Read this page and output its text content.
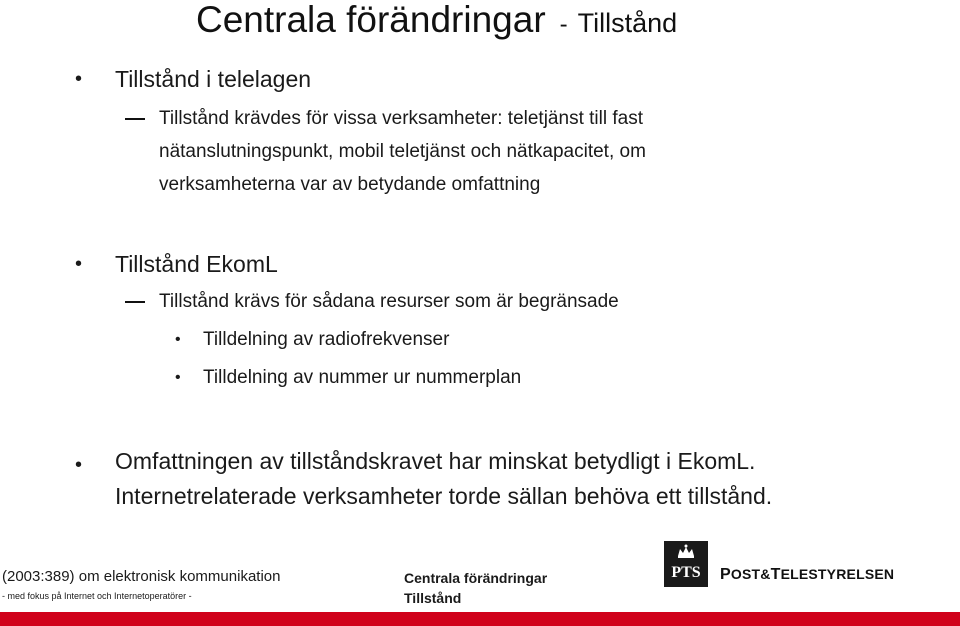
Centrala förändringar - Tillstånd
• Tillstånd i telelagen
Tillstånd krävdes för vissa verksamheter: teletjänst till fast
nätanslutningspunkt, mobil teletjänst och nätkapacitet, om
verksamheterna var av betydande omfattning
• Tillstånd EkomL
Tillstånd krävs för sådana resurser som är begränsade
• Tilldelning av radiofrekvenser
• Tilldelning av nummer ur nummerplan
• Omfattningen av tillståndskravet har minskat betydligt i EkomL.
Internetrelaterade verksamheter torde sällan behöva ett tillstånd.
(2003:389) om elektronisk kommunikation
- med fokus på Internet och Internetoperatörer -
Centrala förändringar
Tillstånd
PTS POST&TELESTYRELSEN
